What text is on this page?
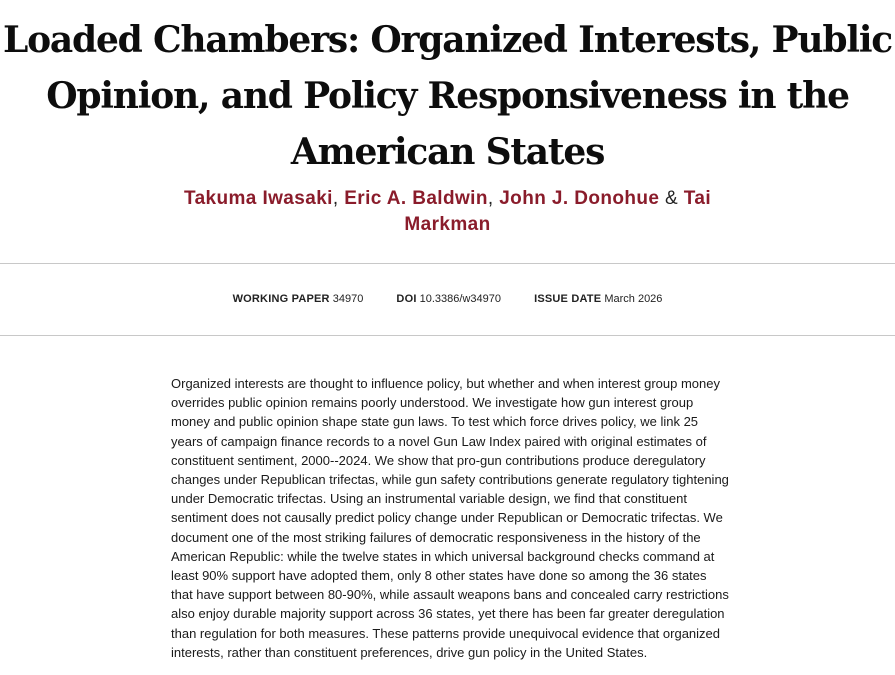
Loaded Chambers: Organized Interests, Public Opinion, and Policy Responsiveness in the American States
Takuma Iwasaki, Eric A. Baldwin, John J. Donohue & Tai Markman
WORKING PAPER 34970	DOI 10.3386/w34970	ISSUE DATE March 2026

Organized interests are thought to influence policy, but whether and when interest group money overrides public opinion remains poorly understood. We investigate how gun interest group money and public opinion shape state gun laws. To test which force drives policy, we link 25 years of campaign finance records to a novel Gun Law Index paired with original estimates of constituent sentiment, 2000--2024. We show that pro-gun contributions produce deregulatory changes under Republican trifectas, while gun safety contributions generate regulatory tightening under Democratic trifectas. Using an instrumental variable design, we find that constituent sentiment does not causally predict policy change under Republican or Democratic trifectas. We document one of the most striking failures of democratic responsiveness in the history of the American Republic: while the twelve states in which universal background checks command at least 90% support have adopted them, only 8 other states have done so among the 36 states that have support between 80-90%, while assault weapons bans and concealed carry restrictions also enjoy durable majority support across 36 states, yet there has been far greater deregulation than regulation for both measures. These patterns provide unequivocal evidence that organized interests, rather than constituent preferences, drive gun policy in the United States.
